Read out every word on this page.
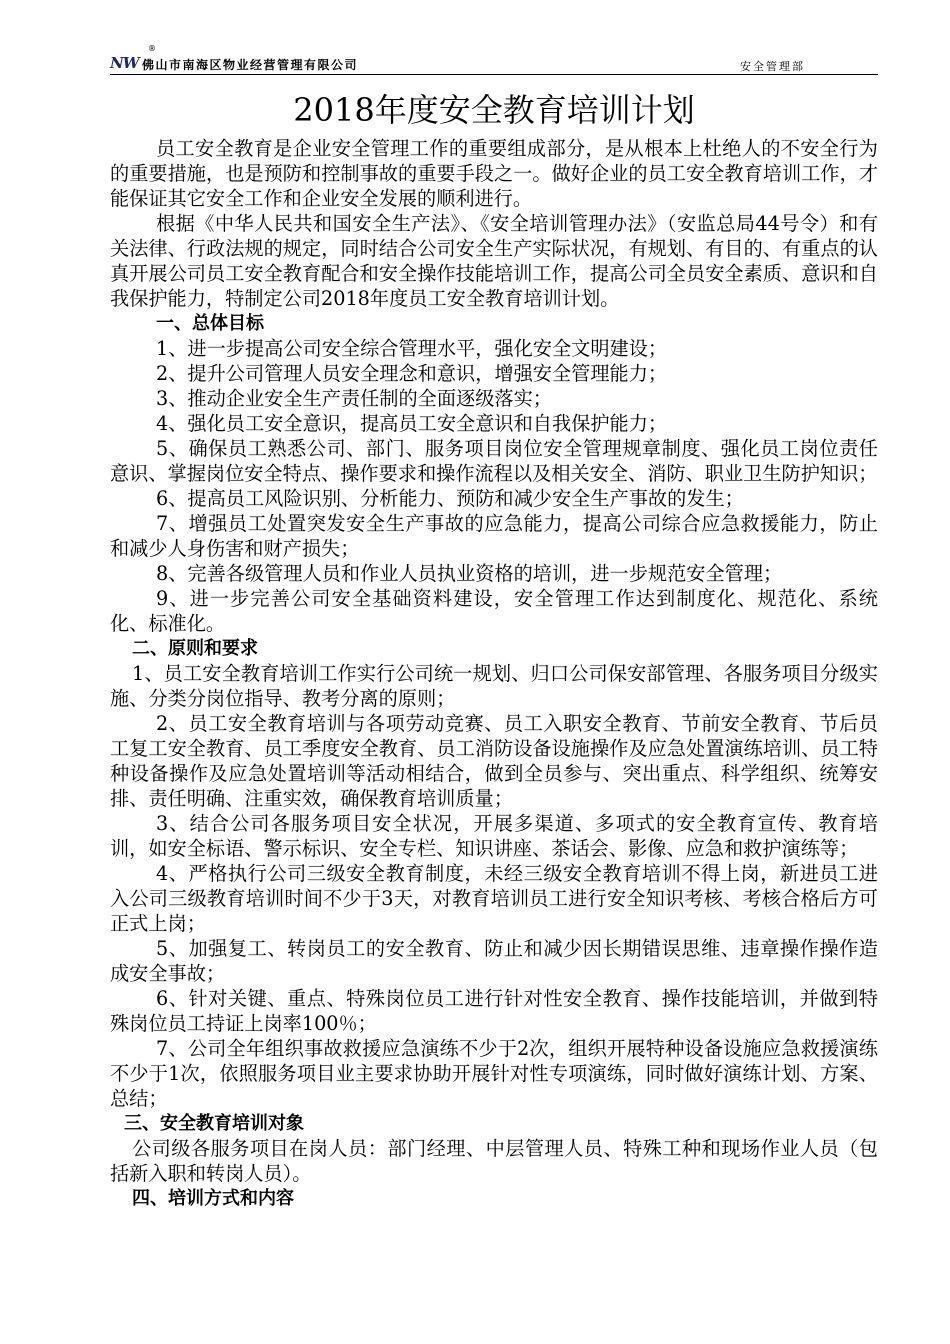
NW
®
佛山市南海区物业经营管理有限公司	安全管理部
2018年度安全教育培训计划

员工安全教育是企业安全管理工作的重要组成部分，是从根本上杜绝人的不安全行为的重要措施，也是预防和控制事故的重要手段之一。做好企业的员工安全教育培训工作，才能保证其它安全工作和企业安全发展的顺利进行。

根据《中华人民共和国安全生产法》、《安全培训管理办法》（安监总局44号令）和有关法律、行政法规的规定，同时结合公司安全生产实际状况，有规划、有目的、有重点的认真开展公司员工安全教育配合和安全操作技能培训工作，提高公司全员安全素质、意识和自我保护能力，特制定公司2018年度员工安全教育培训计划。

一、总体目标

1、进一步提高公司安全综合管理水平，强化安全文明建设；

2、提升公司管理人员安全理念和意识，增强安全管理能力；

3、推动企业安全生产责任制的全面逐级落实；

4、强化员工安全意识，提高员工安全意识和自我保护能力；

5、确保员工熟悉公司、部门、服务项目岗位安全管理规章制度、强化员工岗位责任意识、掌握岗位安全特点、操作要求和操作流程以及相关安全、消防、职业卫生防护知识；

6、提高员工风险识别、分析能力、预防和减少安全生产事故的发生；

7、增强员工处置突发安全生产事故的应急能力，提高公司综合应急救援能力，防止和减少人身伤害和财产损失；

8、完善各级管理人员和作业人员执业资格的培训，进一步规范安全管理；

9、进一步完善公司安全基础资料建设，安全管理工作达到制度化、规范化、系统化、标准化。

二、原则和要求

1、员工安全教育培训工作实行公司统一规划、归口公司保安部管理、各服务项目分级实施、分类分岗位指导、教考分离的原则；

2、员工安全教育培训与各项劳动竞赛、员工入职安全教育、节前安全教育、节后员工复工安全教育、员工季度安全教育、员工消防设备设施操作及应急处置演练培训、员工特种设备操作及应急处置培训等活动相结合，做到全员参与、突出重点、科学组织、统筹安排、责任明确、注重实效，确保教育培训质量；

3、结合公司各服务项目安全状况，开展多渠道、多项式的安全教育宣传、教育培训，如安全标语、警示标识、安全专栏、知识讲座、茶话会、影像、应急和救护演练等；

4、严格执行公司三级安全教育制度，未经三级安全教育培训不得上岗，新进员工进入公司三级教育培训时间不少于3天，对教育培训员工进行安全知识考核、考核合格后方可正式上岗；

5、加强复工、转岗员工的安全教育、防止和减少因长期错误思维、违章操作操作造成安全事故；

6、针对关键、重点、特殊岗位员工进行针对性安全教育、操作技能培训，并做到特殊岗位员工持证上岗率100％；

7、公司全年组织事故救援应急演练不少于2次，组织开展特种设备设施应急救援演练不少于1次，依照服务项目业主要求协助开展针对性专项演练，同时做好演练计划、方案、总结；

三、安全教育培训对象

公司级各服务项目在岗人员：部门经理、中层管理人员、特殊工种和现场作业人员（包括新入职和转岗人员）。

四、培训方式和内容
